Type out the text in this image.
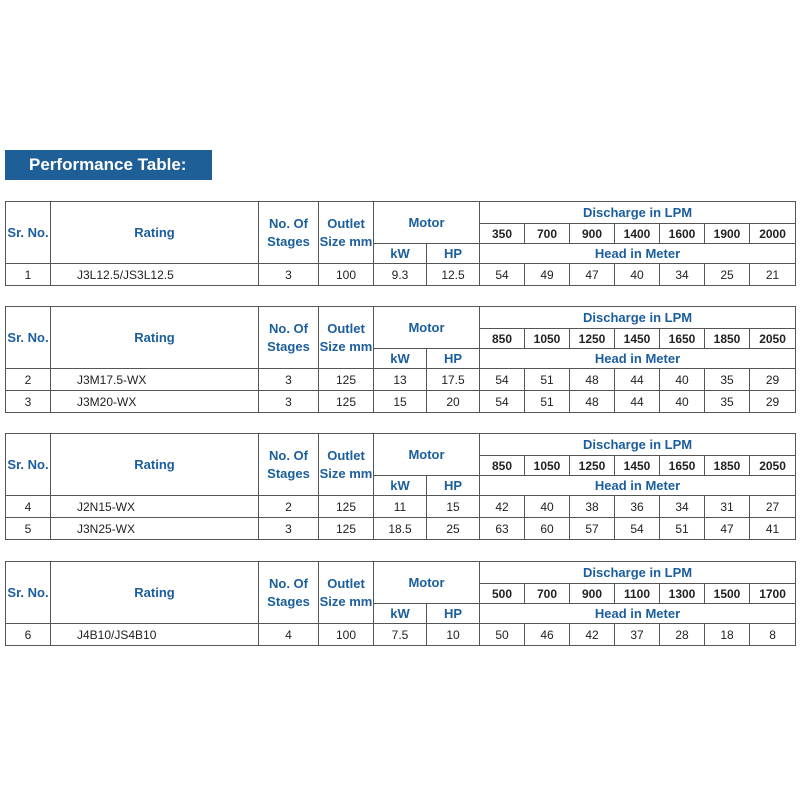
Performance Table:
Sr. No.	Rating	No. Of Stages	Outlet Size mm	Motor		Discharge in LPM						
						350	700	900	1400	1600	1900	2000
				kW	HP	Head in Meter						
1	J3L12.5/JS3L12.5	3	100	9.3	12.5	54	49	47	40	34	25	21
Sr. No.	Rating	No. Of Stages	Outlet Size mm	Motor		Discharge in LPM						
						850	1050	1250	1450	1650	1850	2050
				kW	HP	Head in Meter						
2	J3M17.5-WX	3	125	13	17.5	54	51	48	44	40	35	29
3	J3M20-WX	3	125	15	20	54	51	48	44	40	35	29
Sr. No.	Rating	No. Of Stages	Outlet Size mm	Motor		Discharge in LPM						
						850	1050	1250	1450	1650	1850	2050
				kW	HP	Head in Meter						
4	J2N15-WX	2	125	11	15	42	40	38	36	34	31	27
5	J3N25-WX	3	125	18.5	25	63	60	57	54	51	47	41
Sr. No.	Rating	No. Of Stages	Outlet Size mm	Motor		Discharge in LPM						
						500	700	900	1100	1300	1500	1700
				kW	HP	Head in Meter						
6	J4B10/JS4B10	4	100	7.5	10	50	46	42	37	28	18	8
